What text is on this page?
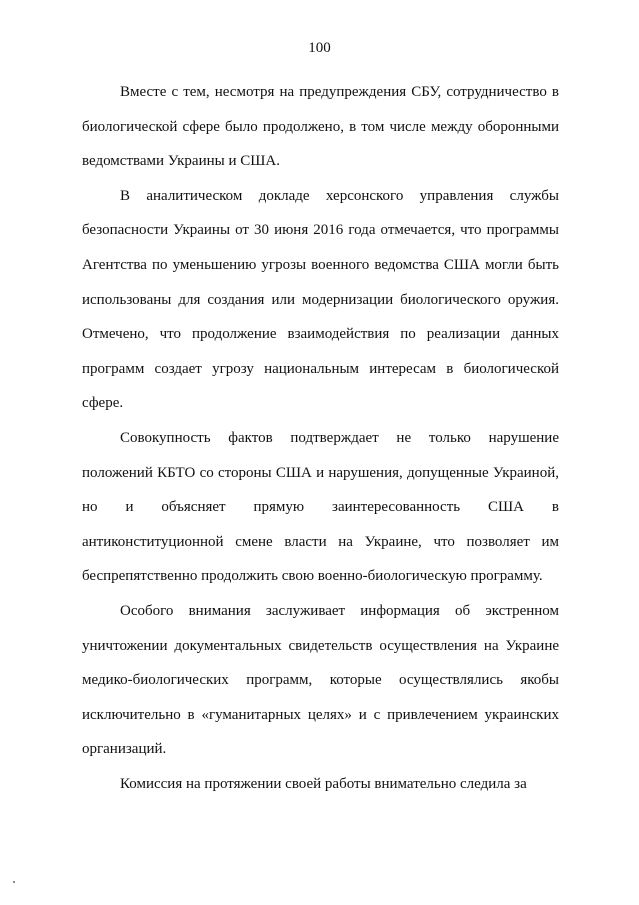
100

Вместе с тем, несмотря на предупреждения СБУ, сотрудничество в биологической сфере было продолжено, в том числе между оборонными ведомствами Украины и США.

В аналитическом докладе херсонского управления службы безопасности Украины от 30 июня 2016 года отмечается, что программы Агентства по уменьшению угрозы военного ведомства США могли быть использованы для создания или модернизации биологического оружия. Отмечено, что продолжение взаимодействия по реализации данных программ создает угрозу национальным интересам в биологической сфере.

Совокупность фактов подтверждает не только нарушение положений КБТО со стороны США и нарушения, допущенные Украиной, но и объясняет прямую заинтересованность США в антиконституционной смене власти на Украине, что позволяет им беспрепятственно продолжить свою военно-биологическую программу.

Особого внимания заслуживает информация об экстренном уничтожении документальных свидетельств осуществления на Украине медико-биологических программ, которые осуществлялись якобы исключительно в «гуманитарных целях» и с привлечением украинских организаций.

Комиссия на протяжении своей работы внимательно следила за
